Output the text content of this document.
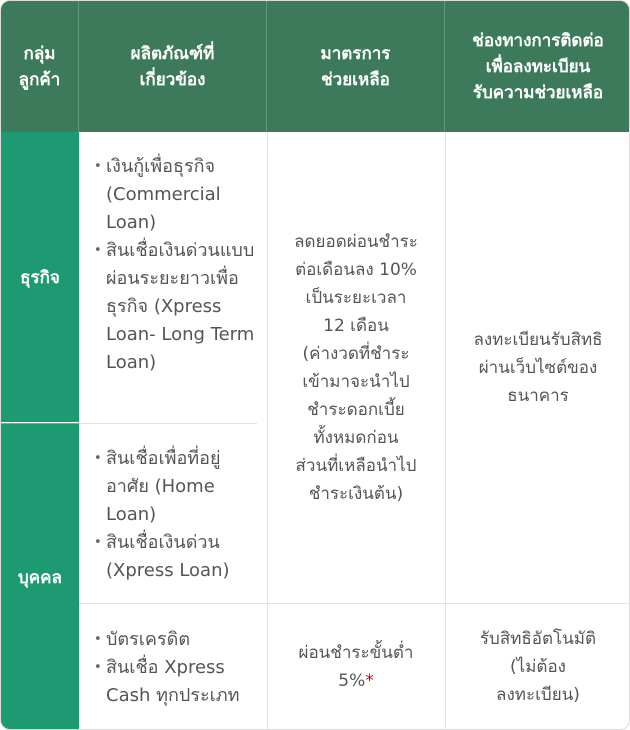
กลุ่ม
ลูกค้า
ผลิตภัณฑ์ที่
เกี่ยวข้อง
มาตรการ
ช่วยเหลือ
ช่องทางการติดต่อ
เพื่อลงทะเบียน
รับความช่วยเหลือ
ธุรกิจ
บุคคล
• เงินกู้เพื่อธุรกิจ (Commercial Loan)
• สินเชื่อเงินด่วนแบบผ่อนระยะยาวเพื่อธุรกิจ (Xpress Loan- Long Term Loan)
• สินเชื่อเพื่อที่อยู่อาศัย (Home Loan)
• สินเชื่อเงินด่วน (Xpress Loan)
• บัตรเครดิต
• สินเชื่อ Xpress Cash ทุกประเภท
ลดยอดผ่อนชำระ
ต่อเดือนลง 10%
เป็นระยะเวลา
12 เดือน
(ค่างวดที่ชำระ
เข้ามาจะนำไป
ชำระดอกเบี้ย
ทั้งหมดก่อน
ส่วนที่เหลือนำไป
ชำระเงินต้น)
ผ่อนชำระขั้นต่ำ
5%*
ลงทะเบียนรับสิทธิ
ผ่านเว็บไซต์ของ
ธนาคาร
รับสิทธิอัตโนมัติ
(ไม่ต้อง
ลงทะเบียน)
